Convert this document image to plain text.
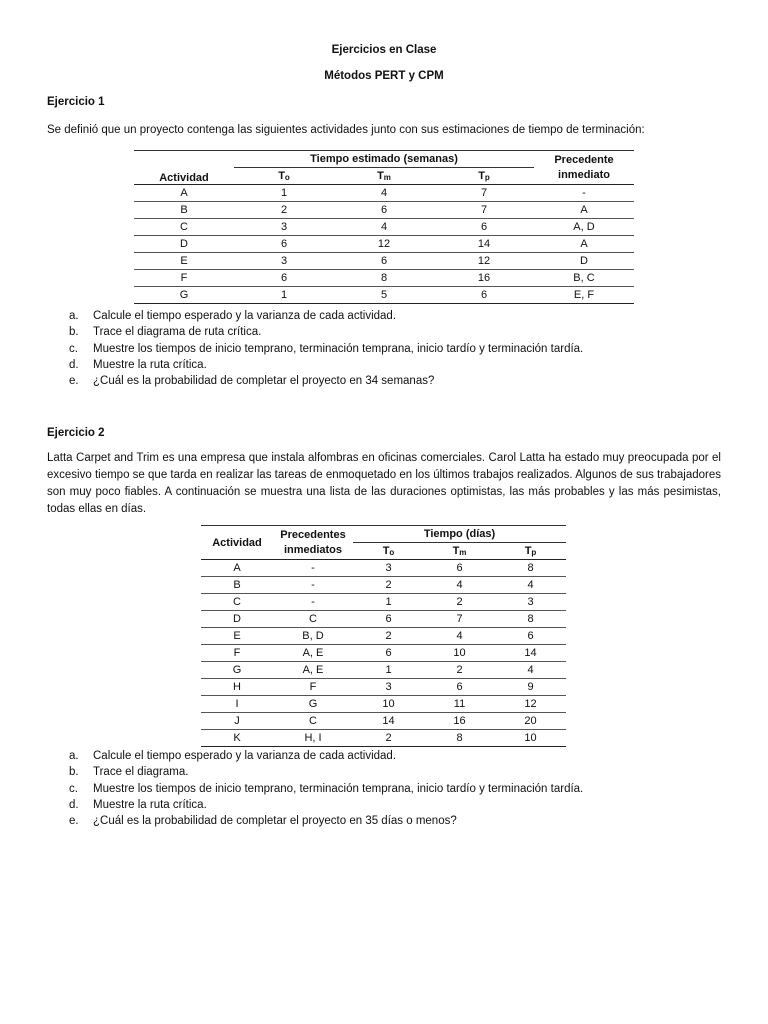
Ejercicios en Clase
Métodos PERT y CPM
Ejercicio 1
Se definió que un proyecto contenga las siguientes actividades junto con sus estimaciones de tiempo de terminación:
Actividad	Tiempo estimado (semanas)			Precedente
inmediato
	$T_o$	$T_m$	$T_p$
A	1	4	7	-
B	2	6	7	A
C	3	4	6	A, D
D	6	12	14	A
E	3	6	12	D
F	6	8	16	B, C
G	1	5	6	E, F
a. Calcule el tiempo esperado y la varianza de cada actividad.
b. Trace el diagrama de ruta crítica.
c. Muestre los tiempos de inicio temprano, terminación temprana, inicio tardío y terminación tardía.
d. Muestre la ruta crítica.
e. ¿Cuál es la probabilidad de completar el proyecto en 34 semanas?
Ejercicio 2
Latta Carpet and Trim es una empresa que instala alfombras en oficinas comerciales. Carol Latta ha estado muy preocupada por el excesivo tiempo se que tarda en realizar las tareas de enmoquetado en los últimos trabajos realizados. Algunos de sus trabajadores son muy poco fiables. A continuación se muestra una lista de las duraciones optimistas, las más probables y las más pesimistas, todas ellas en días.
Actividad	Precedentes
inmediatos	Tiempo (días)		
		$T_o$	$T_m$	$T_p$
A	-	3	6	8
B	-	2	4	4
C	-	1	2	3
D	C	6	7	8
E	B, D	2	4	6
F	A, E	6	10	14
G	A, E	1	2	4
H	F	3	6	9
I	G	10	11	12
J	C	14	16	20
K	H, I	2	8	10
a. Calcule el tiempo esperado y la varianza de cada actividad.
b. Trace el diagrama.
c. Muestre los tiempos de inicio temprano, terminación temprana, inicio tardío y terminación tardía.
d. Muestre la ruta crítica.
e. ¿Cuál es la probabilidad de completar el proyecto en 35 días o menos?
